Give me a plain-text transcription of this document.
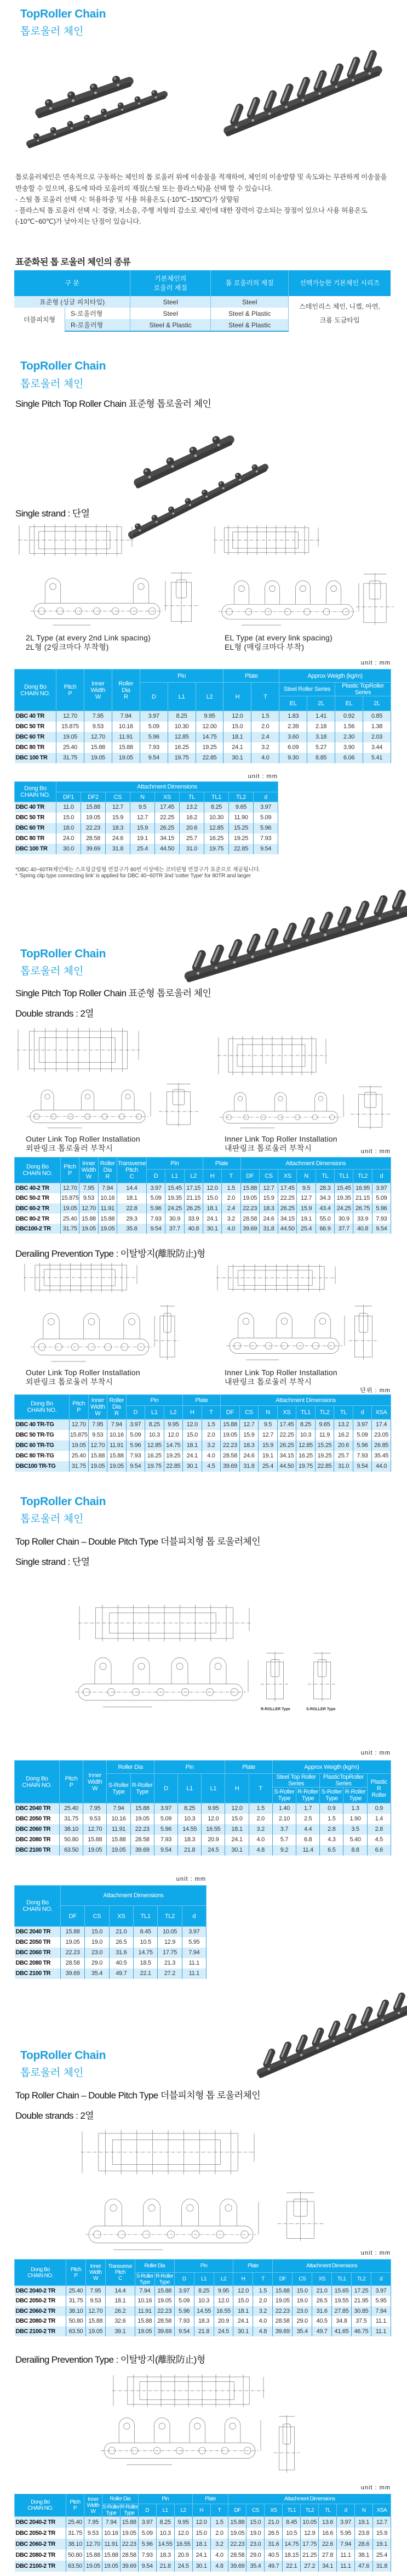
TopRoller Chain
톱로울러 체인
톱로울러체인은 연속적으로 구동하는 체인의 톱 로울러 위에 이송물을 적재하여, 체인의 이송방향 및 속도와는 무관하게 이송물을
반송할 수 있으며, 용도에 따라 로울러의 재질(스틸 또는 플라스틱)을 선택 할 수 있습니다.
- 스틸 톱 로울러 선택 시: 허용하중 및 사용 허용온도 (-10℃~150℃)가 상향됨
- 플라스틱 톱 로울러 선택 시: 경량, 저소음, 주행 저항의 감소로 체인에 대한 장력이 감소되는 장점이 있으나 사용 허용온도
(-10℃~60℃)가 낮아지는 단점이 있습니다.
표준화된 톱 로울러 체인의 종류
구 분		기본체인의
로울러 재질	톱 로울러의 재질	선택가능한 기본체인 시리즈
표준형 (싱글 피치타입)		Steel	Steel	스테인리스 체인, 니켈, 아연,
크롬 도금타입
더블피치형	S-로울러형	Steel	Steel & Plastic	
	R-로울러형	Steel & Plastic	Steel & Plastic	
TopRoller Chain
톱로울러 체인
Single Pitch Top Roller Chain 표준형 톱로울러 체인
Single strand : 단열
2L Type (at every 2nd Link spacing)
2L형 (2링크마다 부착형)
EL Type (at every link spacing)
EL형 (매링크마다 부착)
unit : mm
Dong Bo
CHAIN NO.	Pitch
P	Inner
Width
W	Roller
Dia
R	Pin			Plate		Approx Weigth (kg/m)			
				D	L1	L2	H	T	Steel Roller Series		Plastic TopRoller Series	
									EL	2L	EL	2L
DBC 40 TR	12.70	7.95	7.94	3.97	8.25	9.95	12.0	1.5	1.83	1.41	0.92	0.85
DBC 50 TR	15.875	9.53	10.16	5.09	10.30	12.00	15.0	2.0	2.39	2.18	1.56	1.38
DBC 60 TR	19.05	12.70	11.91	5.96	12.85	14.75	18.1	2.4	3.60	3.18	2.30	2.03
DBC 80 TR	25.40	15.88	15.88	7.93	16.25	19.25	24.1	3.2	6.09	5.27	3.90	3.44
DBC 100 TR	31.75	19.05	19.05	9.54	19.75	22.85	30.1	4.0	9.30	8.85	6.06	5.41
unit : mm
Dong Bo
CHAIN NO.	Attachment Dimensions								
	DF1	DF2	CS	N	XS	TL	TL1	TL2	d
DBC 40 TR	11.0	15.88	12.7	9.5	17.45	13.2	8.25	9.65	3.97
DBC 50 TR	15.0	19.05	15.9	12.7	22.25	16.2	10.30	11.90	5.09
DBC 60 TR	18.0	22.23	18.3	15.9	26.25	20.6	12.85	15.25	5.96
DBC 80 TR	24.0	28.58	24.6	19.1	34.15	25.7	16.25	19.25	7.93
DBC 100 TR	30.0	39.69	31.8	25.4	44.50	31.0	19.75	22.85	9.54
*DBC 40~60TR체인에는 스프링클립형 연결구가 80번 이상에는 코터핀형 연결구가 표준으로 제공됩니다.
* 'Spring clip type connecting link' is applied for DBC 40~60TR 3nd 'cotter Type' for 80TR and larger
TopRoller Chain
톱로울러 체인
Single Pitch Top Roller Chain 표준형 톱로울러 체인
Double strands : 2열
Outer Link Top Roller Installation
외판링크 톱로울러 부착시
Inner Link Top Roller Installation
내판링크 톱로울러 부착시	unit : mm
Dong Bo
CHAIN NO.	Pitch
P	Inner
Width
W	Roller
Dia
R	Transverse
Pitch
C	Pin			Plate		Attachment Dimensions							
					D	L1	L2	H	T	DF	CS	XS	N	TL	TL1	TL2	d
DBC 40-2 TR	12.70	7.95	7.94	14.4	3.97	15.45	17.15	12.0	1.5	15.88	12.7	17.45	9.5	28.3	15.45	16.95	3.97
DBC 50-2 TR	15.875	9.53	10.16	18.1	5.09	19.35	21.15	15.0	2.0	19.05	15.9	22.25	12.7	34.3	19.35	21.15	5.09
DBC 60-2 TR	19.05	12.70	11.91	22.8	5.96	24.25	26.25	18.1	2.4	22.23	18.3	26.25	15.9	43.4	24.25	26.75	5.96
DBC 80-2 TR	25.40	15.88	15.88	29.3	7.93	30.9	33.9	24.1	3.2	28.58	24.6	34.15	19.1	55.0	30.9	33.9	7.93
DBC100-2 TR	31.75	19.05	19.05	35.8	9.54	37.7	40.8	30.1	4.0	39.69	31.8	44.50	25.4	66.9	37.7	40.8	9.54
Derailing Prevention Type : 이탈방지(離脫防止)형
Outer Link Top Roller Installation
외판링크 톱로울러 부착시
Inner Link Top Roller Installation
내판링크 톱로울러 부착시
단위 : mm
Dong Bo
CHAIN NO.	Pitch
P	Inner
Width
W	Roller
Dia
R	Pin			Plate		Attachment Dimensions								
				D	L1	L2	H	T	DF	CS	N	XS	TL1	TL2	TL	d	XSA
DBC 40 TR-TG	12.70	7.95	7.94	3.97	8.25	9.95	12.0	1.5	15.88	12.7	9.5	17.45	8.25	9.65	13.2	3.97	17.4
DBC 50 TR-TG	15.875	9.53	10.16	5.09	10.3	12.0	15.0	2.0	19.05	15.9	12.7	22.25	10.3	11.9	16.2	5.09	23.05
DBC 60 TR-TG	19.05	12.70	11.91	5.96	12.85	14.75	18.1	3.2	22.23	18.3	15.9	26.25	12.85	15.25	20.6	5.96	26.85
DBC 80 TR-TG	25.40	15.88	15.88	7.93	16.25	19.25	24.1	4.0	28.58	24.6	19.1	34.15	16.25	19.25	25.7	7.93	35.45
DBC100 TR-TG	31.75	19.05	19.05	9.54	19.75	22.85	30.1	4.5	39.69	31.8	25.4	44.50	19.75	22.85	31.0	9.54	44.0
TopRoller Chain
톱로울러 체인
Top Roller Chain – Double Pitch Type 더블피치형 톱 로울러체인
Single strand : 단열
R-ROLLER Type	S-ROLLER Type
unit : mm
Dong Bo
CHAIN NO.	Pitch
P	Inner
Width
W	Roller Dia		Pin			Plate		Approx Weigth (kg/m)				
			S-Roller
Type	R-Roller
Type	D	L1	L1	H	T	Steel Top Roller
Series		PlasticTopRoller Series		Plastic
R
Roller
										S-Roller
Type	R-Roller
Type	S-Roller
Type	R-Roller
Type	
DBC 2040 TR	25.40	7.95	7.94	15.88	3.97	8.25	9.95	12.0	1.5	1.40	1.7	0.9	1.3	0.9
DBC 2050 TR	31.75	9.53	10.16	19.05	5.09	10.3	12.0	15.0	2.0	2.10	2.5	1.5	1.90	1.4
DBC 2060 TR	38.10	12.70	11.91	22.23	5.96	14.55	16.55	18.1	3.2	3.7	4.4	2.8	3.5	2.8
DBC 2080 TR	50.80	15.88	15.88	28.58	7.93	18.3	20.9	24.1	4.0	5.7	6.8	4.3	5.40	4.5
DBC 2100 TR	63.50	19.05	19.05	39.69	9.54	21.8	24.5	30.1	4.8	9.2	11.4	6.5	8.8	6.6
unit : mm
Dong Bo
CHAIN NO.	Attachment Dimensions					
	DF	CS	XS	TL1	TL2	d
DBC 2040 TR	15.88	15.0	21.0	8.45	10.05	3.97
DBC 2050 TR	19.05	19.0	26.5	10.5	12.9	5.95
DBC 2060 TR	22.23	23.0	31.6	14.75	17.75	7.94
DBC 2080 TR	28.58	29.0	40.5	18.5	21.3	11.1
DBC 2100 TR	39.69	35.4	49.7	22.1	27.2	11.1
TopRoller Chain
톱로울러 체인
Top Roller Chain – Double Pitch Type 더블피치형 톱 로울러체인
Double strands : 2열
unit : mm
Dong Bo
CHAIN NO.	Pitch
P	Inner
Width
W	Transverse
Pitch
C	Roller Dia		Pin			Plate		Attachment Dimensions					
				S-Roller
Type	R-Roller
Type	D	L1	L2	H	T	DF	CS	XS	TL1	TL2	d
DBC 2040-2 TR	25.40	7.95	14.4	7.94	15.88	3.97	8.25	9.95	12.0	1.5	15.88	15.0	21.0	15.65	17.25	3.97
DBC 2050-2 TR	31.75	9.53	18.1	10.16	19.05	5.09	10.3	12.0	15.0	2.0	19.05	19.0	26.5	19.55	21.95	5.95
DBC 2060-2 TR	38.10	12.70	26.2	11.91	22.23	5.96	14.55	16.55	18.1	3.2	22.23	23.0	31.6	27.85	30.85	7.94
DBC 2080-2 TR	50.80	15.88	32.6	15.88	28.58	7.93	18.3	20.9	24.1	4.0	28.58	29.0	40.5	34.8	37.5	11.1
DBC 2100-2 TR	63.50	19.05	39.1	19.05	39.69	9.54	21.8	24.5	30.1	4.8	39.69	35.4	49.7	41.65	46.75	11.1
Derailing Prevention Type : 이탈방지(離脫防止)형
unit : mm
Dong Bo
CHAIN NO.	Pitch
P	Inner
Width
W	Roller Dia		Pin			Plate		Attachment Dimensions								
			S-Roller
Type	R-Roller
Type	D	L1	L2	H	T	DF	CS	XS	TL1	TL2	TL	d	N	XSA
DBC 2040-2 TR	25.40	7.95	7.94	15.88	3.97	8.25	9.95	12.0	1.5	15.88	15.0	21.0	8.45	10.05	13.6	3.97	19.1	12.7
DBC 2050-2 TR	31.75	9.53	10.16	19.05	5.09	10.3	12.0	15.0	2.0	19.05	19.0	26.5	10.5	12.9	16.6	5.95	23.8	15.9
DBC 2060-2 TR	38.10	12.70	11.91	22.23	5.96	14.55	16.55	18.1	3.2	22.23	23.0	31.6	14.75	17.75	22.6	7.94	28.6	19.1
DBC 2080-2 TR	50.80	15.88	15.88	28.58	7.93	18.3	20.9	24.1	4.0	28.58	29.0	40.5	18.15	21.25	27.8	11.1	38.1	25.4
DBC 2100-2 TR	63.50	19.05	19.05	39.69	9.54	21.8	24.5	30.1	4.8	39.69	35.4	49.7	22.1	27.2	34.1	11.1	47.6	31.8
